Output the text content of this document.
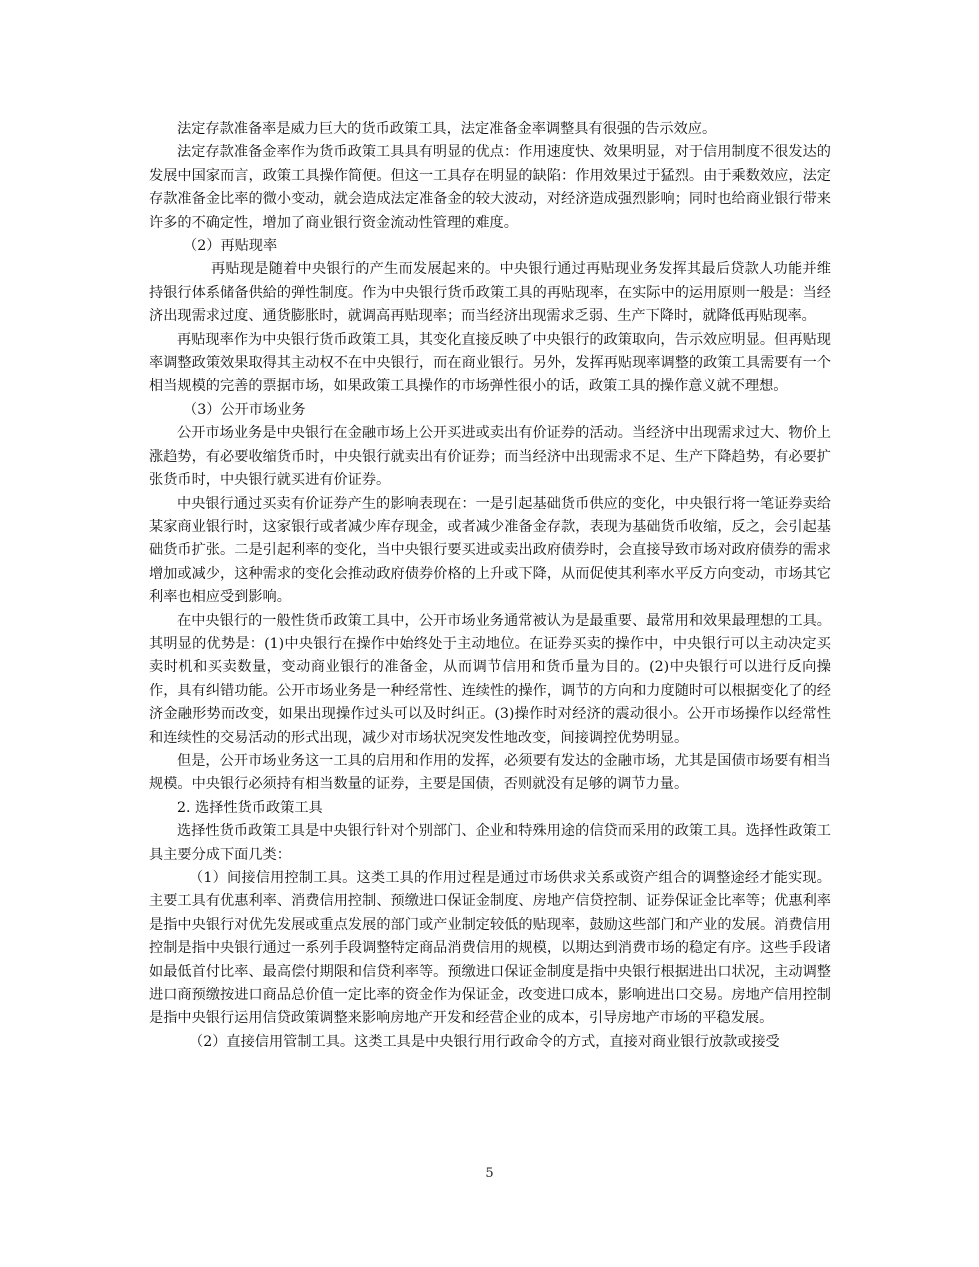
法定存款准备率是威力巨大的货币政策工具，法定准备金率调整具有很强的告示效应。

法定存款准备金率作为货币政策工具具有明显的优点：作用速度快、效果明显，对于信用制度不很发达的发展中国家而言，政策工具操作简便。但这一工具存在明显的缺陷：作用效果过于猛烈。由于乘数效应，法定存款准备金比率的微小变动，就会造成法定准备金的较大波动，对经济造成强烈影响；同时也给商业银行带来许多的不确定性，增加了商业银行资金流动性管理的难度。

（2）再贴现率

再贴现是随着中央银行的产生而发展起来的。中央银行通过再贴现业务发挥其最后贷款人功能并维持银行体系储备供給的弹性制度。作为中央银行货币政策工具的再贴现率，在实际中的运用原则一般是：当经济出现需求过度、通货膨胀时，就调高再贴现率；而当经济出现需求乏弱、生产下降时，就降低再贴现率。

再贴现率作为中央银行货币政策工具，其变化直接反映了中央银行的政策取向，告示效应明显。但再贴现率调整政策效果取得其主动权不在中央银行，而在商业银行。另外，发挥再贴现率调整的政策工具需要有一个相当规模的完善的票据市场，如果政策工具操作的市场弹性很小的话，政策工具的操作意义就不理想。

（3）公开市场业务

公开市场业务是中央银行在金融市场上公开买进或卖出有价证券的活动。当经济中出现需求过大、物价上涨趋势，有必要收缩货币时，中央银行就卖出有价证券；而当经济中出现需求不足、生产下降趋势，有必要扩张货币时，中央银行就买进有价证券。

中央银行通过买卖有价证券产生的影响表现在：一是引起基础货币供应的变化，中央银行将一笔证券卖给某家商业银行时，这家银行或者减少库存现金，或者减少准备金存款，表现为基础货币收缩，反之，会引起基础货币扩张。二是引起利率的变化，当中央银行要买进或卖出政府债券时，会直接导致市场对政府债券的需求增加或减少，这种需求的变化会推动政府债券价格的上升或下降，从而促使其利率水平反方向变动，市场其它利率也相应受到影响。

在中央银行的一般性货币政策工具中，公开市场业务通常被认为是最重要、最常用和效果最理想的工具。其明显的优势是：(1)中央银行在操作中始终处于主动地位。在证券买卖的操作中，中央银行可以主动决定买卖时机和买卖数量，变动商业银行的准备金，从而调节信用和货币量为目的。(2)中央银行可以进行反向操作，具有纠错功能。公开市场业务是一种经常性、连续性的操作，调节的方向和力度随时可以根据变化了的经济金融形势而改变，如果出现操作过头可以及时纠正。(3)操作时对经济的震动很小。公开市场操作以经常性和连续性的交易活动的形式出现，减少对市场状况突发性地改变，间接调控优势明显。

但是，公开市场业务这一工具的启用和作用的发挥，必须要有发达的金融市场，尤其是国债市场要有相当规模。中央银行必须持有相当数量的证券，主要是国债，否则就没有足够的调节力量。

2. 选择性货币政策工具

选择性货币政策工具是中央银行针对个别部门、企业和特殊用途的信贷而采用的政策工具。选择性政策工具主要分成下面几类：

（1）间接信用控制工具。这类工具的作用过程是通过市场供求关系或资产组合的调整途经才能实现。主要工具有优惠利率、消费信用控制、预缴进口保证金制度、房地产信贷控制、证券保证金比率等；优惠利率是指中央银行对优先发展或重点发展的部门或产业制定较低的贴现率，鼓励这些部门和产业的发展。消费信用控制是指中央银行通过一系列手段调整特定商品消费信用的规模，以期达到消费市场的稳定有序。这些手段诸如最低首付比率、最高偿付期限和信贷利率等。预缴进口保证金制度是指中央银行根据进出口状况，主动调整进口商预缴按进口商品总价值一定比率的资金作为保证金，改变进口成本，影响进出口交易。房地产信用控制是指中央银行运用信贷政策调整来影响房地产开发和经营企业的成本，引导房地产市场的平稳发展。

（2）直接信用管制工具。这类工具是中央银行用行政命令的方式，直接对商业银行放款或接受

5
